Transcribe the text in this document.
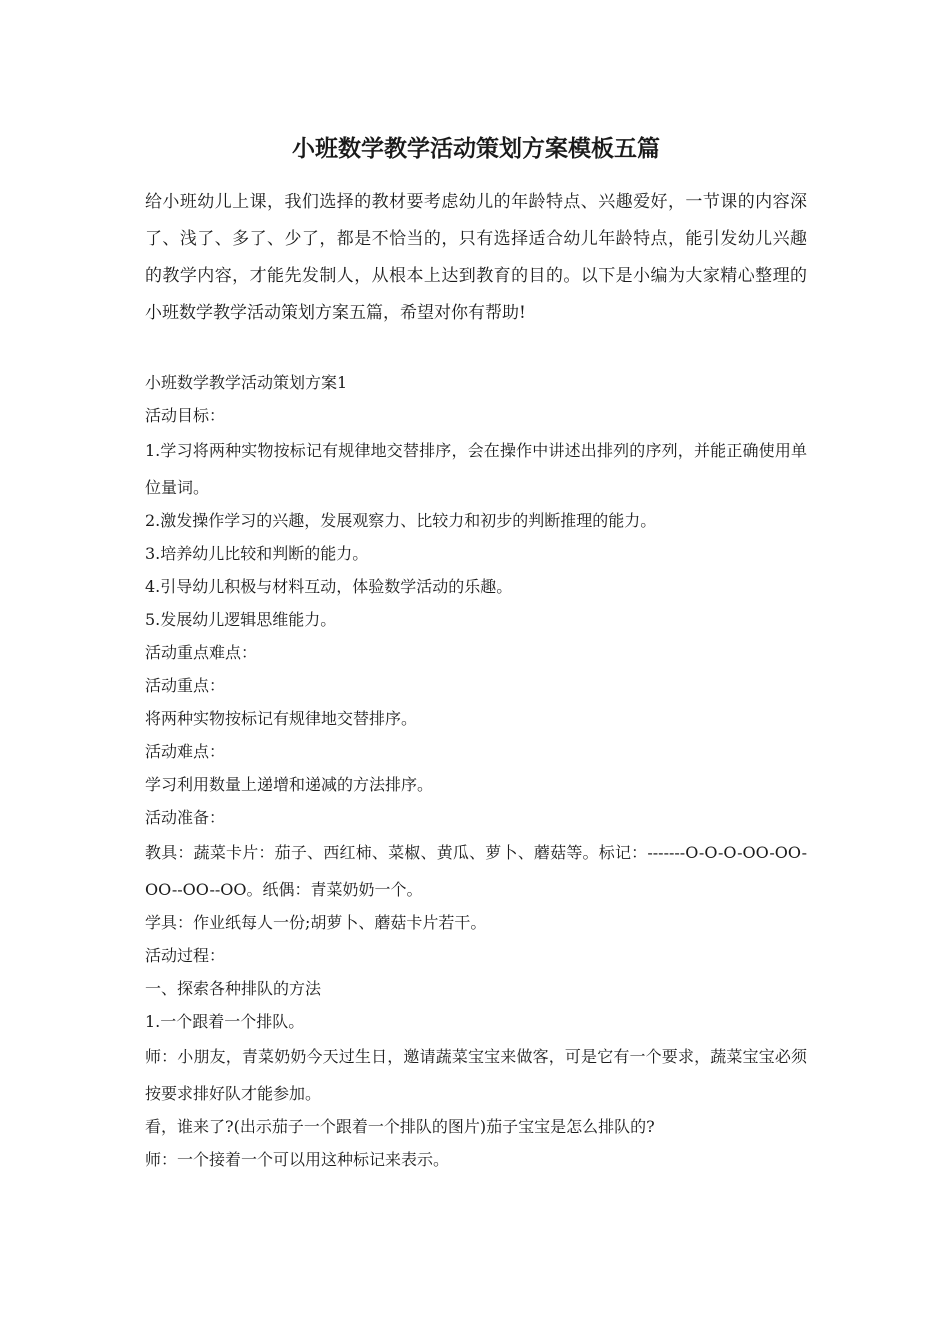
小班数学教学活动策划方案模板五篇
给小班幼儿上课，我们选择的教材要考虑幼儿的年龄特点、兴趣爱好，一节课的内容深了、浅了、多了、少了，都是不恰当的，只有选择适合幼儿年龄特点，能引发幼儿兴趣的教学内容，才能先发制人，从根本上达到教育的目的。以下是小编为大家精心整理的小班数学教学活动策划方案五篇，希望对你有帮助!
小班数学教学活动策划方案1
活动目标：
1.学习将两种实物按标记有规律地交替排序，会在操作中讲述出排列的序列，并能正确使用单位量词。
2.激发操作学习的兴趣，发展观察力、比较力和初步的判断推理的能力。
3.培养幼儿比较和判断的能力。
4.引导幼儿积极与材料互动，体验数学活动的乐趣。
5.发展幼儿逻辑思维能力。
活动重点难点：
活动重点：
将两种实物按标记有规律地交替排序。
活动难点：
学习利用数量上递增和递减的方法排序。
活动准备：
教具：蔬菜卡片：茄子、西红柿、菜椒、黄瓜、萝卜、蘑菇等。标记：-------O-O-O-OO-OO-OO--OO--OO。纸偶：青菜奶奶一个。
学具：作业纸每人一份;胡萝卜、蘑菇卡片若干。
活动过程：
一、探索各种排队的方法
1.一个跟着一个排队。
师：小朋友，青菜奶奶今天过生日，邀请蔬菜宝宝来做客，可是它有一个要求，蔬菜宝宝必须按要求排好队才能参加。
看，谁来了?(出示茄子一个跟着一个排队的图片)茄子宝宝是怎么排队的?
师：一个接着一个可以用这种标记来表示。
